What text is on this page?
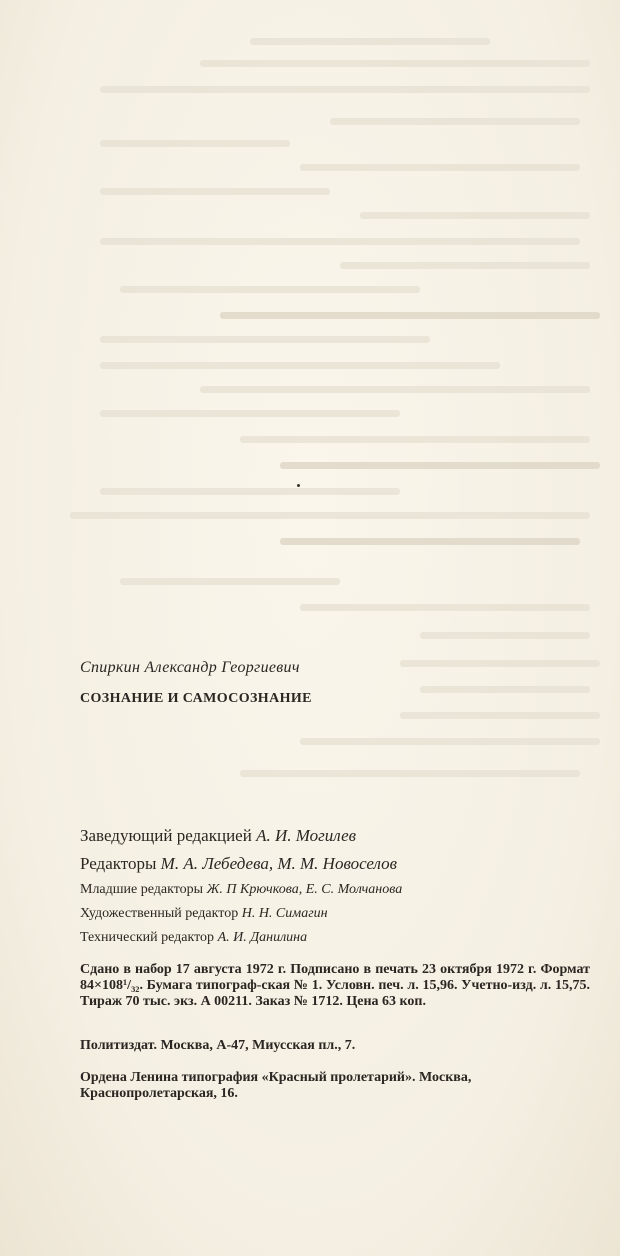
Спиркин Александр Георгиевич
СОЗНАНИЕ И САМОСОЗНАНИЕ
Заведующий редакцией А. И. Могилев
Редакторы М. А. Лебедева, М. М. Новоселов
Младшие редакторы Ж. П Крючкова, Е. С. Молчанова
Художественный редактор Н. Н. Симагин
Технический редактор А. И. Данилина

Сдано в набор 17 августа 1972 г. Подписано в печать 23 октября 1972 г. Формат 84×108¹/₃₂. Бумага типограф-ская № 1. Условн. печ. л. 15,96. Учетно-изд. л. 15,75. Тираж 70 тыс. экз. А 00211. Заказ № 1712. Цена 63 коп.

Политиздат. Москва, А-47, Миусская пл., 7.

Ордена Ленина типография «Красный пролетарий». Москва, Краснопролетарская, 16.
